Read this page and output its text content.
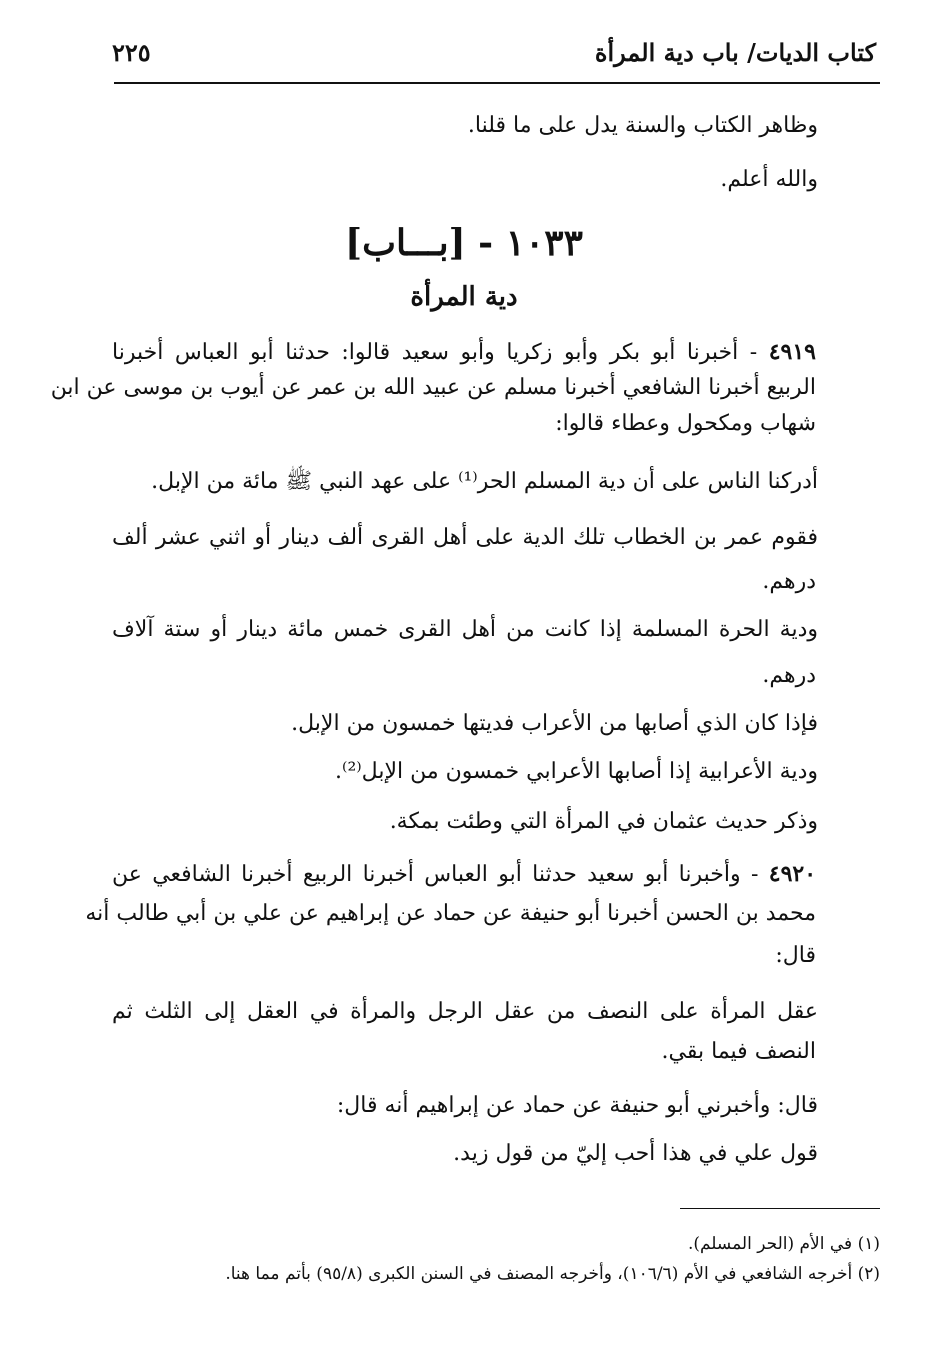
كتاب الديات/ باب دية المرأة
٢٢٥
وظاهر الكتاب والسنة يدل على ما قلنا.
والله أعلم.
١٠٣٣ - [بـــاب]
دية المرأة
٤٩١٩ - أخبرنا أبو بكر وأبو زكريا وأبو سعيد قالوا: حدثنا أبو العباس أخبرنا
الربيع أخبرنا الشافعي أخبرنا مسلم عن عبيد الله بن عمر عن أيوب بن موسى عن ابن
شهاب ومكحول وعطاء قالوا:
أدركنا الناس على أن دية المسلم الحر⁽¹⁾ على عهد النبي ﷺ مائة من الإبل.
فقوم عمر بن الخطاب تلك الدية على أهل القرى ألف دينار أو اثني عشر ألف
درهم.
ودية الحرة المسلمة إذا كانت من أهل القرى خمس مائة دينار أو ستة آلاف
درهم.
فإذا كان الذي أصابها من الأعراب فديتها خمسون من الإبل.
ودية الأعرابية إذا أصابها الأعرابي خمسون من الإبل⁽²⁾.
وذكر حديث عثمان في المرأة التي وطئت بمكة.
٤٩٢٠ - وأخبرنا أبو سعيد حدثنا أبو العباس أخبرنا الربيع أخبرنا الشافعي عن
محمد بن الحسن أخبرنا أبو حنيفة عن حماد عن إبراهيم عن علي بن أبي طالب أنه
قال:
عقل المرأة على النصف من عقل الرجل والمرأة في العقل إلى الثلث ثم
النصف فيما بقي.
قال: وأخبرني أبو حنيفة عن حماد عن إبراهيم أنه قال:
قول علي في هذا أحب إليّ من قول زيد.
(١) في الأم (الحر المسلم).
(٢) أخرجه الشافعي في الأم (١٠٦/٦)، وأخرجه المصنف في السنن الكبرى (٩٥/٨) بأتم مما هنا.
